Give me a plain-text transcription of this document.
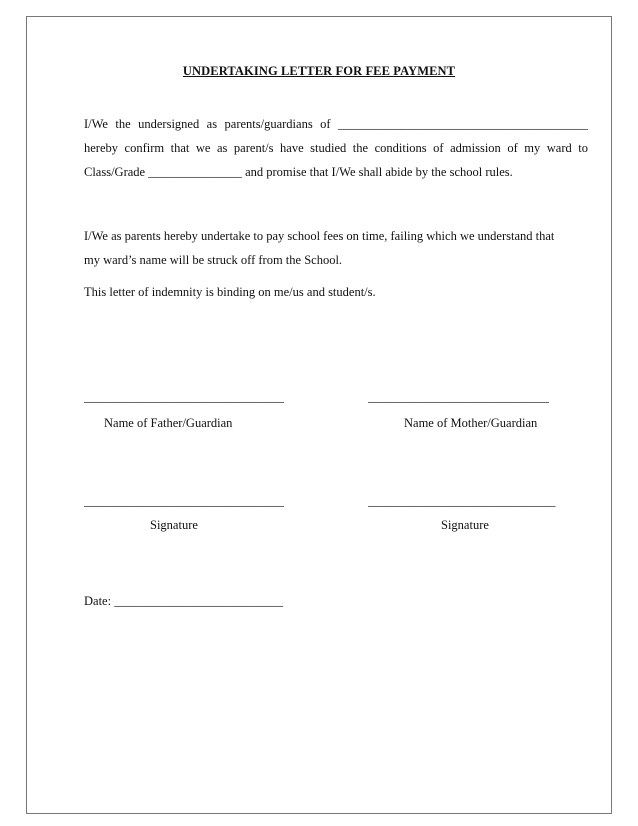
UNDERTAKING LETTER FOR FEE PAYMENT
I/We the undersigned as parents/guardians of ________________________________________
hereby confirm that we as parent/s have studied the conditions of admission of my ward to
Class/Grade _______________ and promise that I/We shall abide by the school rules.
I/We as parents hereby undertake to pay school fees on time, failing which we understand that
my ward’s name will be struck off from the School.
This letter of indemnity is binding on me/us and student/s.
________________________________	_____________________________
Name of Father/Guardian	Name of Mother/Guardian
________________________________	______________________________
Signature	Signature
Date: ___________________________
